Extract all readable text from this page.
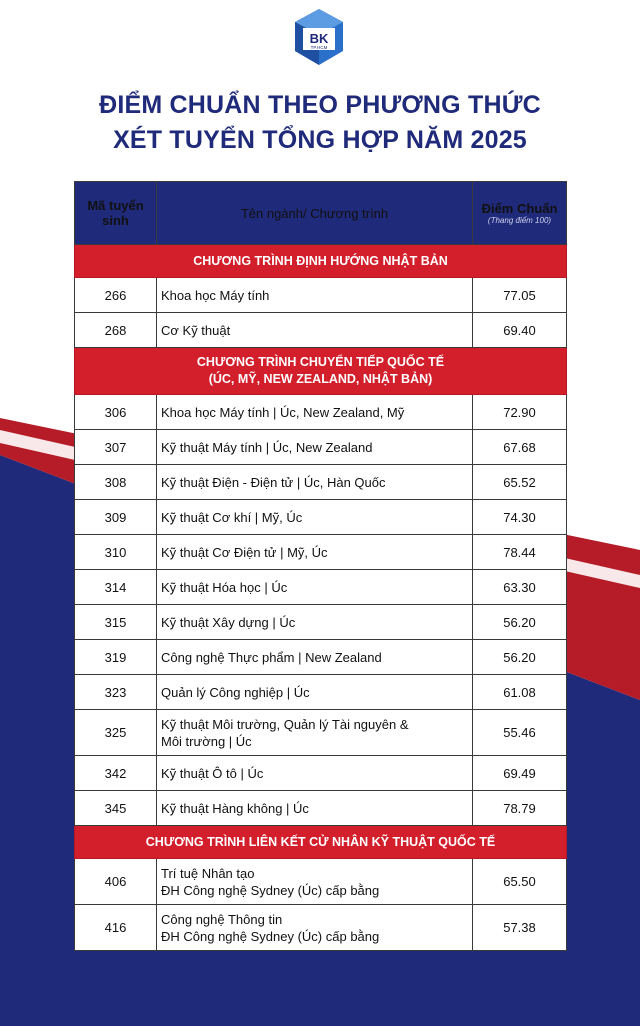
BK
TP.HCM
ĐIỂM CHUẨN THEO PHƯƠNG THỨC
XÉT TUYỂN TỔNG HỢP NĂM 2025
Mã tuyển sinh	Tên ngành/ Chương trình	Điểm Chuẩn
(Thang điểm 100)

CHƯƠNG TRÌNH ĐỊNH HƯỚNG NHẬT BẢN		

266	Khoa học Máy tính	77.05
268	Cơ Kỹ thuật	69.40

CHƯƠNG TRÌNH CHUYỂN TIẾP QUỐC TẾ
(ÚC, MỸ, NEW ZEALAND, NHẬT BẢN)		

306	Khoa học Máy tính | Úc, New Zealand, Mỹ	72.90
307	Kỹ thuật Máy tính | Úc, New Zealand	67.68
308	Kỹ thuật Điện - Điện tử | Úc, Hàn Quốc	65.52
309	Kỹ thuật Cơ khí | Mỹ, Úc	74.30
310	Kỹ thuật Cơ Điện tử | Mỹ, Úc	78.44
314	Kỹ thuật Hóa học | Úc	63.30
315	Kỹ thuật Xây dựng | Úc	56.20
319	Công nghệ Thực phẩm | New Zealand	56.20
323	Quản lý Công nghiệp | Úc	61.08
325	Kỹ thuật Môi trường, Quản lý Tài nguyên &
Môi trường | Úc	55.46
342	Kỹ thuật Ô tô | Úc	69.49
345	Kỹ thuật Hàng không | Úc	78.79

CHƯƠNG TRÌNH LIÊN KẾT CỬ NHÂN KỸ THUẬT QUỐC TẾ		

406	Trí tuệ Nhân tạo
ĐH Công nghệ Sydney (Úc) cấp bằng	65.50
416	Công nghệ Thông tin
ĐH Công nghệ Sydney (Úc) cấp bằng	57.38
